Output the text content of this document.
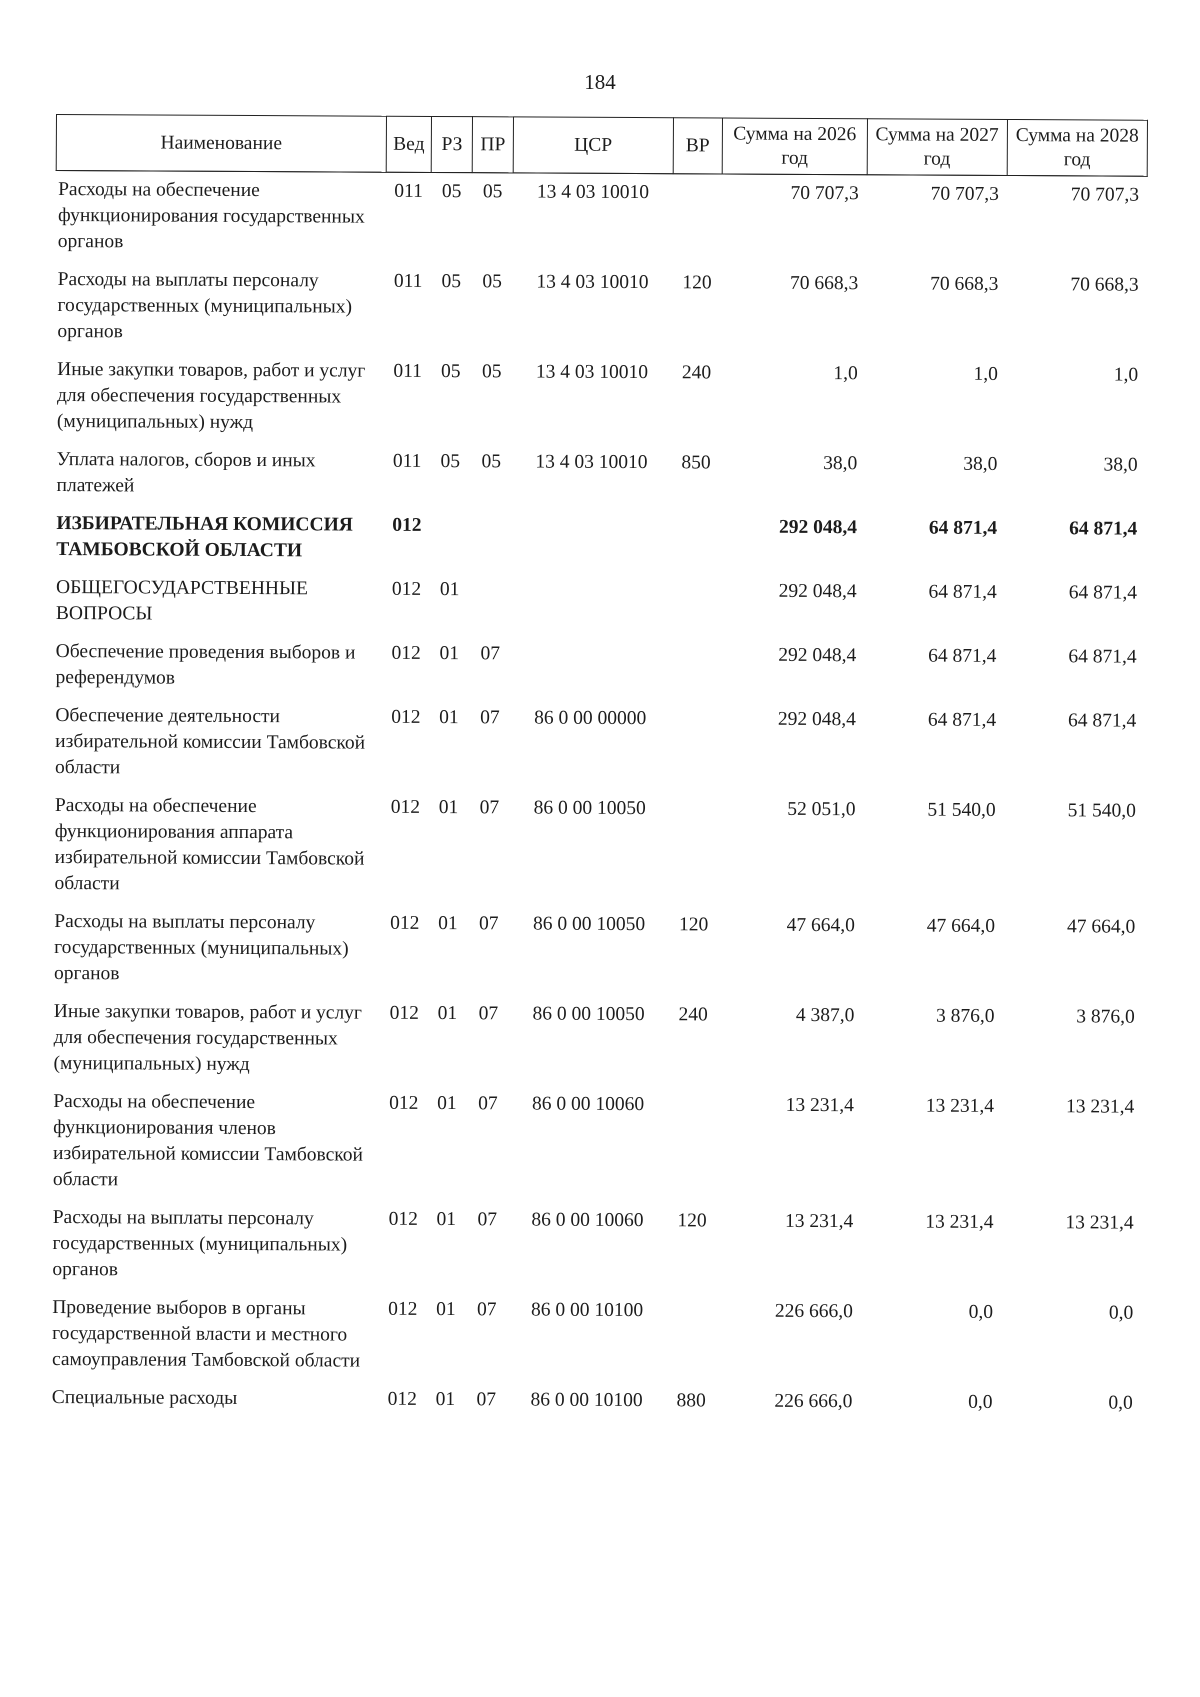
184
Наименование	Вед	РЗ	ПР	ЦСР	ВР	Сумма на 2026 год	Сумма на 2027 год	Сумма на 2028 год
Расходы на обеспечение функционирования государственных органов	011	05	05	13 4 03 10010		70 707,3	70 707,3	70 707,3
Расходы на выплаты персоналу государственных (муниципальных) органов	011	05	05	13 4 03 10010	120	70 668,3	70 668,3	70 668,3
Иные закупки товаров, работ и услуг для обеспечения государственных (муниципальных) нужд	011	05	05	13 4 03 10010	240	1,0	1,0	1,0
Уплата налогов, сборов и иных платежей	011	05	05	13 4 03 10010	850	38,0	38,0	38,0
ИЗБИРАТЕЛЬНАЯ КОМИССИЯ ТАМБОВСКОЙ ОБЛАСТИ	012					292 048,4	64 871,4	64 871,4
ОБЩЕГОСУДАРСТВЕННЫЕ ВОПРОСЫ	012	01				292 048,4	64 871,4	64 871,4
Обеспечение проведения выборов и референдумов	012	01	07			292 048,4	64 871,4	64 871,4
Обеспечение деятельности избирательной комиссии Тамбовской области	012	01	07	86 0 00 00000		292 048,4	64 871,4	64 871,4
Расходы на обеспечение функционирования аппарата избирательной комиссии Тамбовской области	012	01	07	86 0 00 10050		52 051,0	51 540,0	51 540,0
Расходы на выплаты персоналу государственных (муниципальных) органов	012	01	07	86 0 00 10050	120	47 664,0	47 664,0	47 664,0
Иные закупки товаров, работ и услуг для обеспечения государственных (муниципальных) нужд	012	01	07	86 0 00 10050	240	4 387,0	3 876,0	3 876,0
Расходы на обеспечение функционирования членов избирательной комиссии Тамбовской области	012	01	07	86 0 00 10060		13 231,4	13 231,4	13 231,4
Расходы на выплаты персоналу государственных (муниципальных) органов	012	01	07	86 0 00 10060	120	13 231,4	13 231,4	13 231,4
Проведение выборов в органы государственной власти и местного самоуправления Тамбовской области	012	01	07	86 0 00 10100		226 666,0	0,0	0,0
Специальные расходы	012	01	07	86 0 00 10100	880	226 666,0	0,0	0,0
